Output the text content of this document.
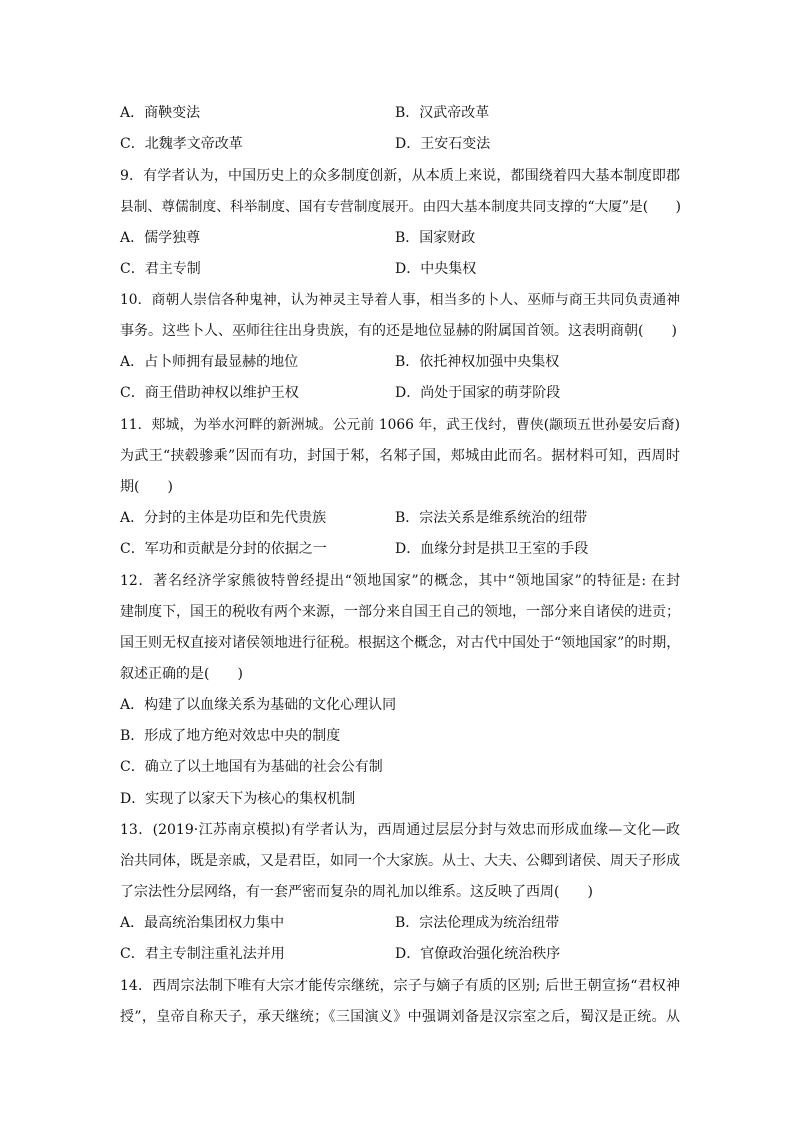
A．商鞅变法	B．汉武帝改革
C．北魏孝文帝改革	D．王安石变法
9．有学者认为，中国历史上的众多制度创新，从本质上来说，都围绕着四大基本制度即郡
县制、尊儒制度、科举制度、国有专营制度展开。由四大基本制度共同支撑的“大厦”是(　　)
A．儒学独尊	B．国家财政
C．君主专制	D．中央集权
10．商朝人崇信各种鬼神，认为神灵主导着人事，相当多的卜人、巫师与商王共同负责通神
事务。这些卜人、巫师往往出身贵族，有的还是地位显赫的附属国首领。这表明商朝(　　)
A．占卜师拥有最显赫的地位	B．依托神权加强中央集权
C．商王借助神权以维护王权	D．尚处于国家的萌芽阶段
11．郏城，为举水河畔的新洲城。公元前 1066 年，武王伐纣，曹侠(颛顼五世孙晏安后裔)
为武王“挟毂骖乘”因而有功，封国于邾，名邾子国，郏城由此而名。据材料可知，西周时
期(　　)
A．分封的主体是功臣和先代贵族	B．宗法关系是维系统治的纽带
C．军功和贡献是分封的依据之一	D．血缘分封是拱卫王室的手段
12．著名经济学家熊彼特曾经提出“领地国家”的概念，其中“领地国家”的特征是: 在封
建制度下，国王的税收有两个来源，一部分来自国王自己的领地，一部分来自诸侯的进贡；
国王则无权直接对诸侯领地进行征税。根据这个概念，对古代中国处于“领地国家”的时期，
叙述正确的是(　　)
A．构建了以血缘关系为基础的文化心理认同
B．形成了地方绝对效忠中央的制度
C．确立了以土地国有为基础的社会公有制
D．实现了以家天下为核心的集权机制
13．(2019·江苏南京模拟)有学者认为，西周通过层层分封与效忠而形成血缘—文化—政
治共同体，既是亲戚，又是君臣，如同一个大家族。从士、大夫、公卿到诸侯、周天子形成
了宗法性分层网络，有一套严密而复杂的周礼加以维系。这反映了西周(　　)
A．最高统治集团权力集中	B．宗法伦理成为统治纽带
C．君主专制注重礼法并用	D．官僚政治强化统治秩序
14．西周宗法制下唯有大宗才能传宗继统，宗子与嫡子有质的区别; 后世王朝宣扬“君权神
授”，皇帝自称天子，承天继统；《三国演义》中强调刘备是汉宗室之后，蜀汉是正统。从
